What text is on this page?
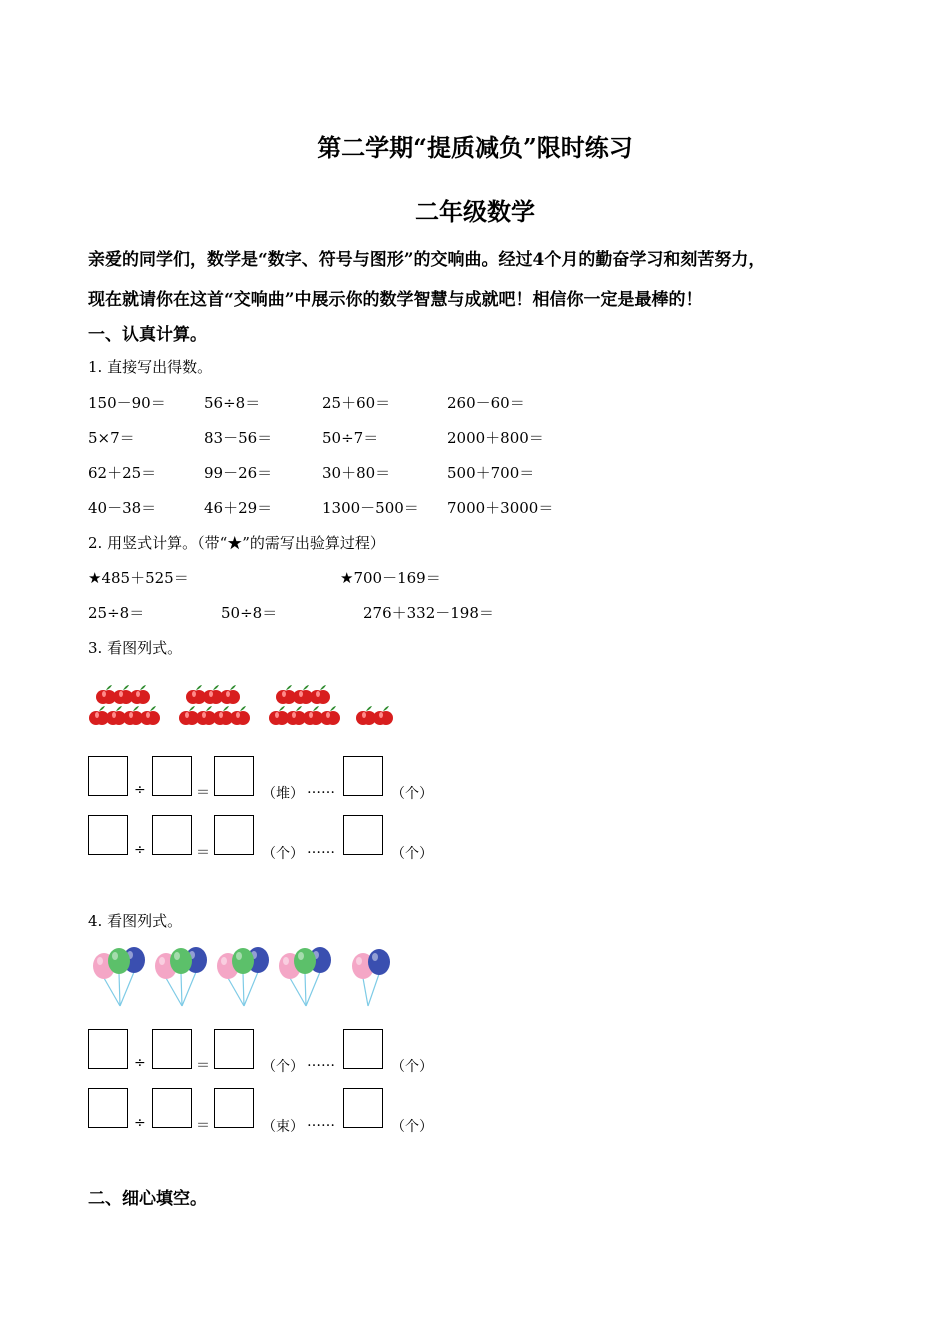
第二学期“提质减负”限时练习
二年级数学
亲爱的同学们，数学是“数字、符号与图形”的交响曲。经过4个月的勤奋学习和刻苦努力，
现在就请你在这首“交响曲”中展示你的数学智慧与成就吧！相信你一定是最棒的！
一、认真计算。
1. 直接写出得数。
150－90＝	56÷8＝	25＋60＝	260－60＝
5×7＝	83－56＝	50÷7＝	2000＋800＝
62＋25＝	99－26＝	30＋80＝	500＋700＝
40－38＝	46＋29＝	1300－500＝ 7000＋3000＝
2. 用竖式计算。（带“★”的需写出验算过程）
★485＋525＝	★700－169＝
25÷8＝	50÷8＝	276＋332－198＝
3. 看图列式。
÷	＝	（堆） ……	（个）
÷	＝	（个） ……	（个）
4. 看图列式。
÷	＝	（个） ……	（个）
÷	＝	（束） ……	（个）
二、细心填空。
